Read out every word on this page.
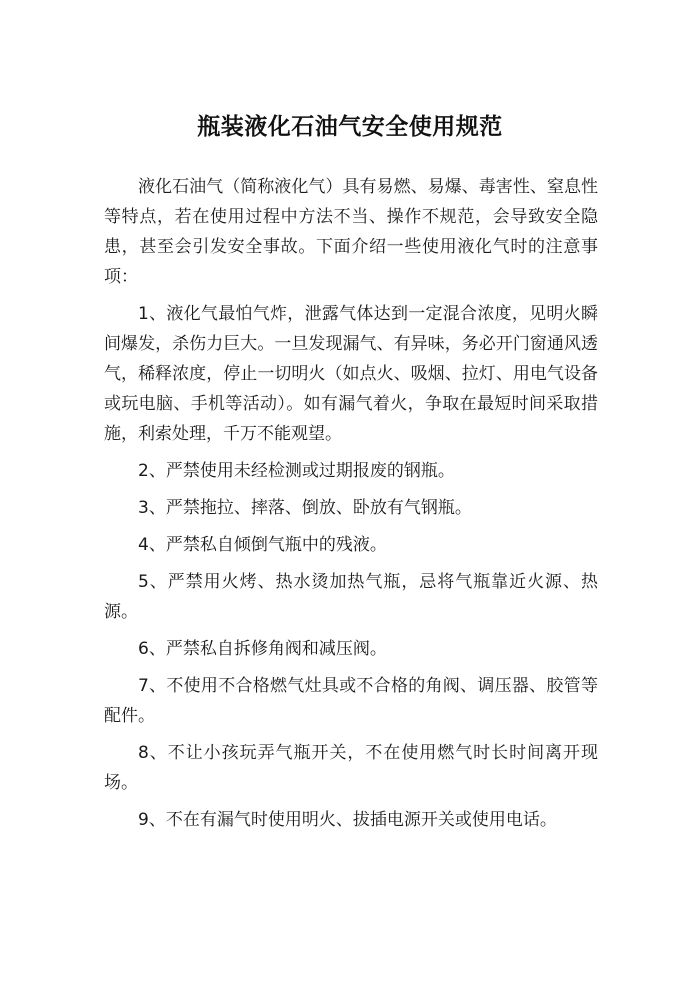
瓶装液化石油气安全使用规范

液化石油气（简称液化气）具有易燃、易爆、毒害性、窒息性等特点，若在使用过程中方法不当、操作不规范，会导致安全隐患，甚至会引发安全事故。下面介绍一些使用液化气时的注意事项：

1、液化气最怕气炸，泄露气体达到一定混合浓度，见明火瞬间爆发，杀伤力巨大。一旦发现漏气、有异味，务必开门窗通风透气，稀释浓度，停止一切明火（如点火、吸烟、拉灯、用电气设备或玩电脑、手机等活动）。如有漏气着火，争取在最短时间采取措施，利索处理，千万不能观望。

2、严禁使用未经检测或过期报废的钢瓶。

3、严禁拖拉、摔落、倒放、卧放有气钢瓶。

4、严禁私自倾倒气瓶中的残液。

5、严禁用火烤、热水烫加热气瓶，忌将气瓶靠近火源、热源。

6、严禁私自拆修角阀和减压阀。

7、不使用不合格燃气灶具或不合格的角阀、调压器、胶管等配件。

8、不让小孩玩弄气瓶开关，不在使用燃气时长时间离开现场。

9、不在有漏气时使用明火、拔插电源开关或使用电话。
